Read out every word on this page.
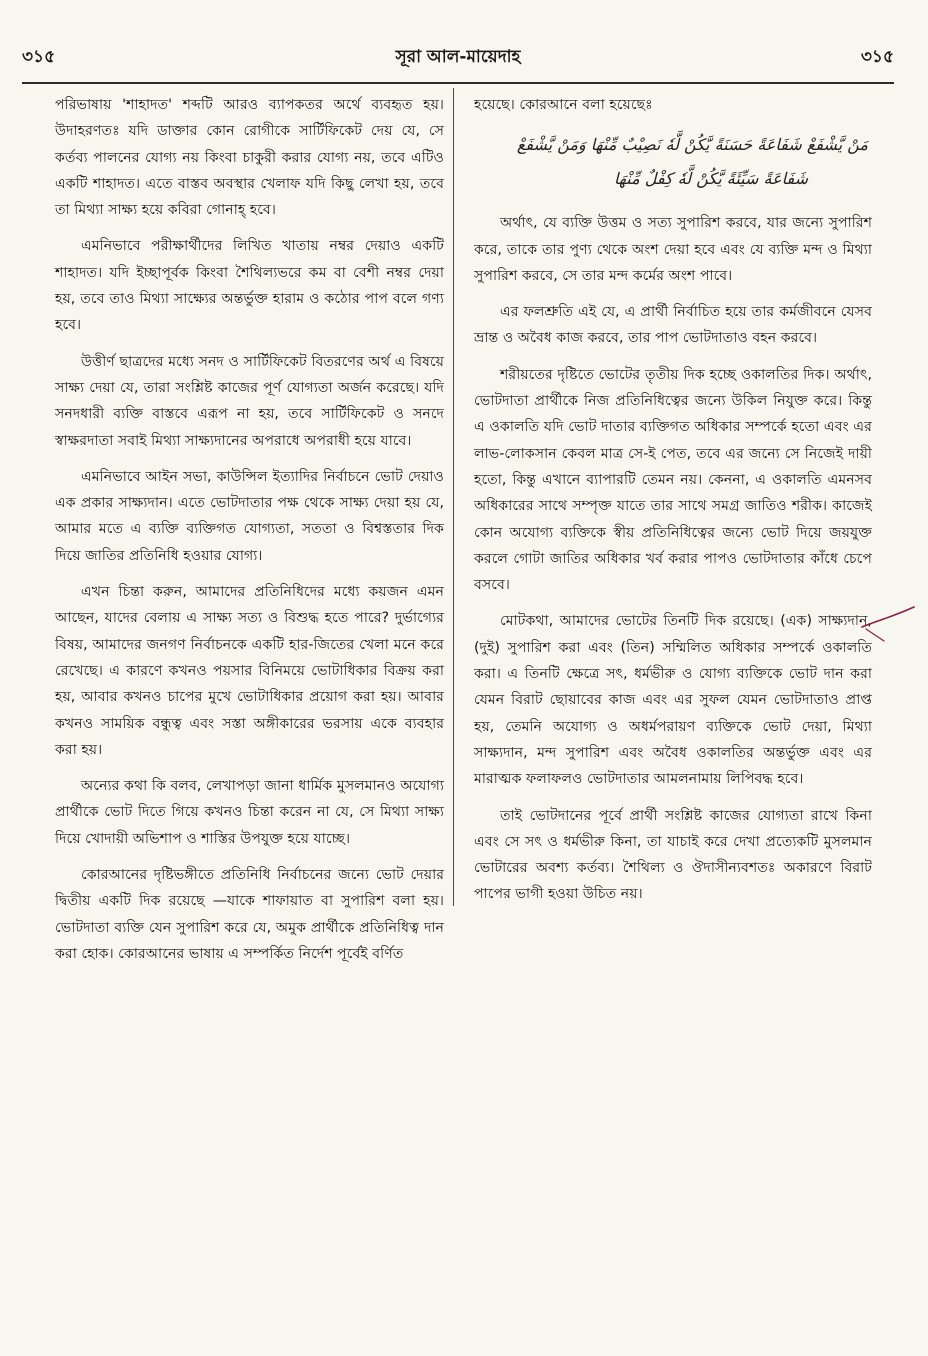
৩১৫	সূরা আল-মায়েদাহ	৩১৫

পরিভাষায় 'শাহাদত' শব্দটি আরও ব্যাপকতর অর্থে ব্যবহৃত হয়। উদাহরণতঃ যদি ডাক্তার কোন রোগীকে সার্টিফিকেট দেয় যে, সে কর্তব্য পালনের যোগ্য নয় কিংবা চাকুরী করার যোগ্য নয়, তবে এটিও একটি শাহাদত। এতে বাস্তব অবস্থার খেলাফ যদি কিছু লেখা হয়, তবে তা মিথ্যা সাক্ষ্য হয়ে কবিরা গোনাহ্ হবে।

এমনিভাবে পরীক্ষার্থীদের লিখিত খাতায় নম্বর দেয়াও একটি শাহাদত। যদি ইচ্ছাপূর্বক কিংবা শৈথিল্যভরে কম বা বেশী নম্বর দেয়া হয়, তবে তাও মিথ্যা সাক্ষ্যের অন্তর্ভুক্ত হারাম ও কঠোর পাপ বলে গণ্য হবে।

উত্তীর্ণ ছাত্রদের মধ্যে সনদ ও সার্টিফিকেট বিতরণের অর্থ এ বিষয়ে সাক্ষ্য দেয়া যে, তারা সংশ্লিষ্ট কাজের পূর্ণ যোগ্যতা অর্জন করেছে। যদি সনদধারী ব্যক্তি বাস্তবে এরূপ না হয়, তবে সার্টিফিকেট ও সনদে স্বাক্ষরদাতা সবাই মিথ্যা সাক্ষ্যদানের অপরাধে অপরাধী হয়ে যাবে।

এমনিভাবে আইন সভা, কাউন্সিল ইত্যাদির নির্বাচনে ভোট দেয়াও এক প্রকার সাক্ষ্যদান। এতে ভোটদাতার পক্ষ থেকে সাক্ষ্য দেয়া হয় যে, আমার মতে এ ব্যক্তি ব্যক্তিগত যোগ্যতা, সততা ও বিশ্বস্ততার দিক দিয়ে জাতির প্রতিনিধি হওয়ার যোগ্য।

এখন চিন্তা করুন, আমাদের প্রতিনিধিদের মধ্যে কয়জন এমন আছেন, যাদের বেলায় এ সাক্ষ্য সত্য ও বিশুদ্ধ হতে পারে? দুর্ভাগ্যের বিষয়, আমাদের জনগণ নির্বাচনকে একটি হার-জিতের খেলা মনে করে রেখেছে। এ কারণে কখনও পয়সার বিনিময়ে ভোটাধিকার বিক্রয় করা হয়, আবার কখনও চাপের মুখে ভোটাধিকার প্রয়োগ করা হয়। আবার কখনও সাময়িক বন্ধুত্ব এবং সস্তা অঙ্গীকারের ভরসায় একে ব্যবহার করা হয়।

অন্যের কথা কি বলব, লেখাপড়া জানা ধার্মিক মুসলমানও অযোগ্য প্রার্থীকে ভোট দিতে গিয়ে কখনও চিন্তা করেন না যে, সে মিথ্যা সাক্ষ্য দিয়ে খোদায়ী অভিশাপ ও শাস্তির উপযুক্ত হয়ে যাচ্ছে।

কোরআনের দৃষ্টিভঙ্গীতে প্রতিনিধি নির্বাচনের জন্যে ভোট দেয়ার দ্বিতীয় একটি দিক রয়েছে —যাকে শাফায়াত বা সুপারিশ বলা হয়। ভোটদাতা ব্যক্তি যেন সুপারিশ করে যে, অমুক প্রার্থীকে প্রতিনিধিত্ব দান করা হোক। কোরআনের ভাষায় এ সম্পর্কিত নির্দেশ পূর্বেই বর্ণিত

হয়েছে। কোরআনে বলা হয়েছেঃ

مَنْ يَّشْفَعْ شَفَاعَةً حَسَنَةً يَّكُنْ لَّهٗ نَصِيْبٌ مِّنْهَا وَمَنْ يَّشْفَعْ
شَفَاعَةً سَيِّئَةً يَّكُنْ لَّهٗ كِفْلٌ مِّنْهَا

অর্থাৎ, যে ব্যক্তি উত্তম ও সত্য সুপারিশ করবে, যার জন্যে সুপারিশ করে, তাকে তার পুণ্য থেকে অংশ দেয়া হবে এবং যে ব্যক্তি মন্দ ও মিথ্যা সুপারিশ করবে, সে তার মন্দ কর্মের অংশ পাবে।

এর ফলশ্রুতি এই যে, এ প্রার্থী নির্বাচিত হয়ে তার কর্মজীবনে যেসব ভ্রান্ত ও অবৈধ কাজ করবে, তার পাপ ভোটদাতাও বহন করবে।

শরীয়তের দৃষ্টিতে ভোটের তৃতীয় দিক হচ্ছে ওকালতির দিক। অর্থাৎ, ভোটদাতা প্রার্থীকে নিজ প্রতিনিধিত্বের জন্যে উকিল নিযুক্ত করে। কিন্তু এ ওকালতি যদি ভোট দাতার ব্যক্তিগত অধিকার সম্পর্কে হতো এবং এর লাভ-লোকসান কেবল মাত্র সে-ই পেত, তবে এর জন্যে সে নিজেই দায়ী হতো, কিন্তু এখানে ব্যাপারটি তেমন নয়। কেননা, এ ওকালতি এমনসব অধিকারের সাথে সম্পৃক্ত যাতে তার সাথে সমগ্র জাতিও শরীক। কাজেই কোন অযোগ্য ব্যক্তিকে স্বীয় প্রতিনিধিত্বের জন্যে ভোট দিয়ে জয়যুক্ত করলে গোটা জাতির অধিকার খর্ব করার পাপও ভোটদাতার কাঁধে চেপে বসবে।

মোটকথা, আমাদের ভোটের তিনটি দিক রয়েছে। (এক) সাক্ষ্যদান, (দুই) সুপারিশ করা এবং (তিন) সম্মিলিত অধিকার সম্পর্কে ওকালতি করা। এ তিনটি ক্ষেত্রে সৎ, ধর্মভীরু ও যোগ্য ব্যক্তিকে ভোট দান করা যেমন বিরাট ছোয়াবের কাজ এবং এর সুফল যেমন ভোটদাতাও প্রাপ্ত হয়, তেমনি অযোগ্য ও অধর্মপরায়ণ ব্যক্তিকে ভোট দেয়া, মিথ্যা সাক্ষ্যদান, মন্দ সুপারিশ এবং অবৈধ ওকালতির অন্তর্ভুক্ত এবং এর মারাত্মক ফলাফলও ভোটদাতার আমলনামায় লিপিবদ্ধ হবে।

তাই ভোটদানের পূর্বে প্রার্থী সংশ্লিষ্ট কাজের যোগ্যতা রাখে কিনা এবং সে সৎ ও ধর্মভীরু কিনা, তা যাচাই করে দেখা প্রত্যেকটি মুসলমান ভোটারের অবশ্য কর্তব্য। শৈথিল্য ও ঔদাসীন্যবশতঃ অকারণে বিরাট পাপের ভাগী হওয়া উচিত নয়।
